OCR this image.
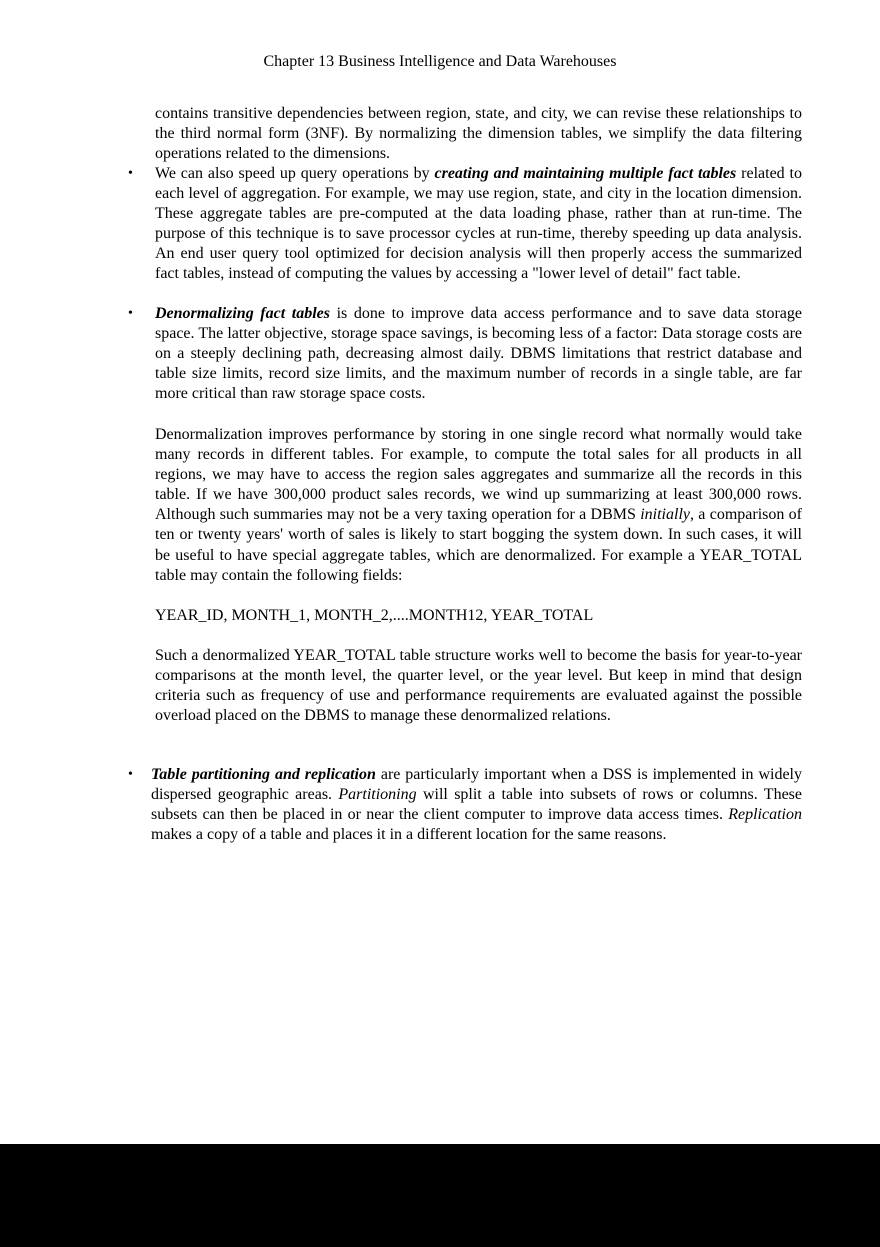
Chapter 13 Business Intelligence and Data Warehouses

contains transitive dependencies between region, state, and city, we can revise these relationships to the third normal form (3NF). By normalizing the dimension tables, we simplify the data filtering operations related to the dimensions.

• We can also speed up query operations by creating and maintaining multiple fact tables related to each level of aggregation. For example, we may use region, state, and city in the location dimension. These aggregate tables are pre-computed at the data loading phase, rather than at run-time. The purpose of this technique is to save processor cycles at run-time, thereby speeding up data analysis. An end user query tool optimized for decision analysis will then properly access the summarized fact tables, instead of computing the values by accessing a "lower level of detail" fact table.

• Denormalizing fact tables is done to improve data access performance and to save data storage space. The latter objective, storage space savings, is becoming less of a factor: Data storage costs are on a steeply declining path, decreasing almost daily. DBMS limitations that restrict database and table size limits, record size limits, and the maximum number of records in a single table, are far more critical than raw storage space costs.

Denormalization improves performance by storing in one single record what normally would take many records in different tables. For example, to compute the total sales for all products in all regions, we may have to access the region sales aggregates and summarize all the records in this table. If we have 300,000 product sales records, we wind up summarizing at least 300,000 rows. Although such summaries may not be a very taxing operation for a DBMS initially, a comparison of ten or twenty years' worth of sales is likely to start bogging the system down. In such cases, it will be useful to have special aggregate tables, which are denormalized. For example a YEAR_TOTAL table may contain the following fields:

YEAR_ID, MONTH_1, MONTH_2,....MONTH12, YEAR_TOTAL

Such a denormalized YEAR_TOTAL table structure works well to become the basis for year-to-year comparisons at the month level, the quarter level, or the year level. But keep in mind that design criteria such as frequency of use and performance requirements are evaluated against the possible overload placed on the DBMS to manage these denormalized relations.

• Table partitioning and replication are particularly important when a DSS is implemented in widely dispersed geographic areas. Partitioning will split a table into subsets of rows or columns. These subsets can then be placed in or near the client computer to improve data access times. Replication makes a copy of a table and places it in a different location for the same reasons.
